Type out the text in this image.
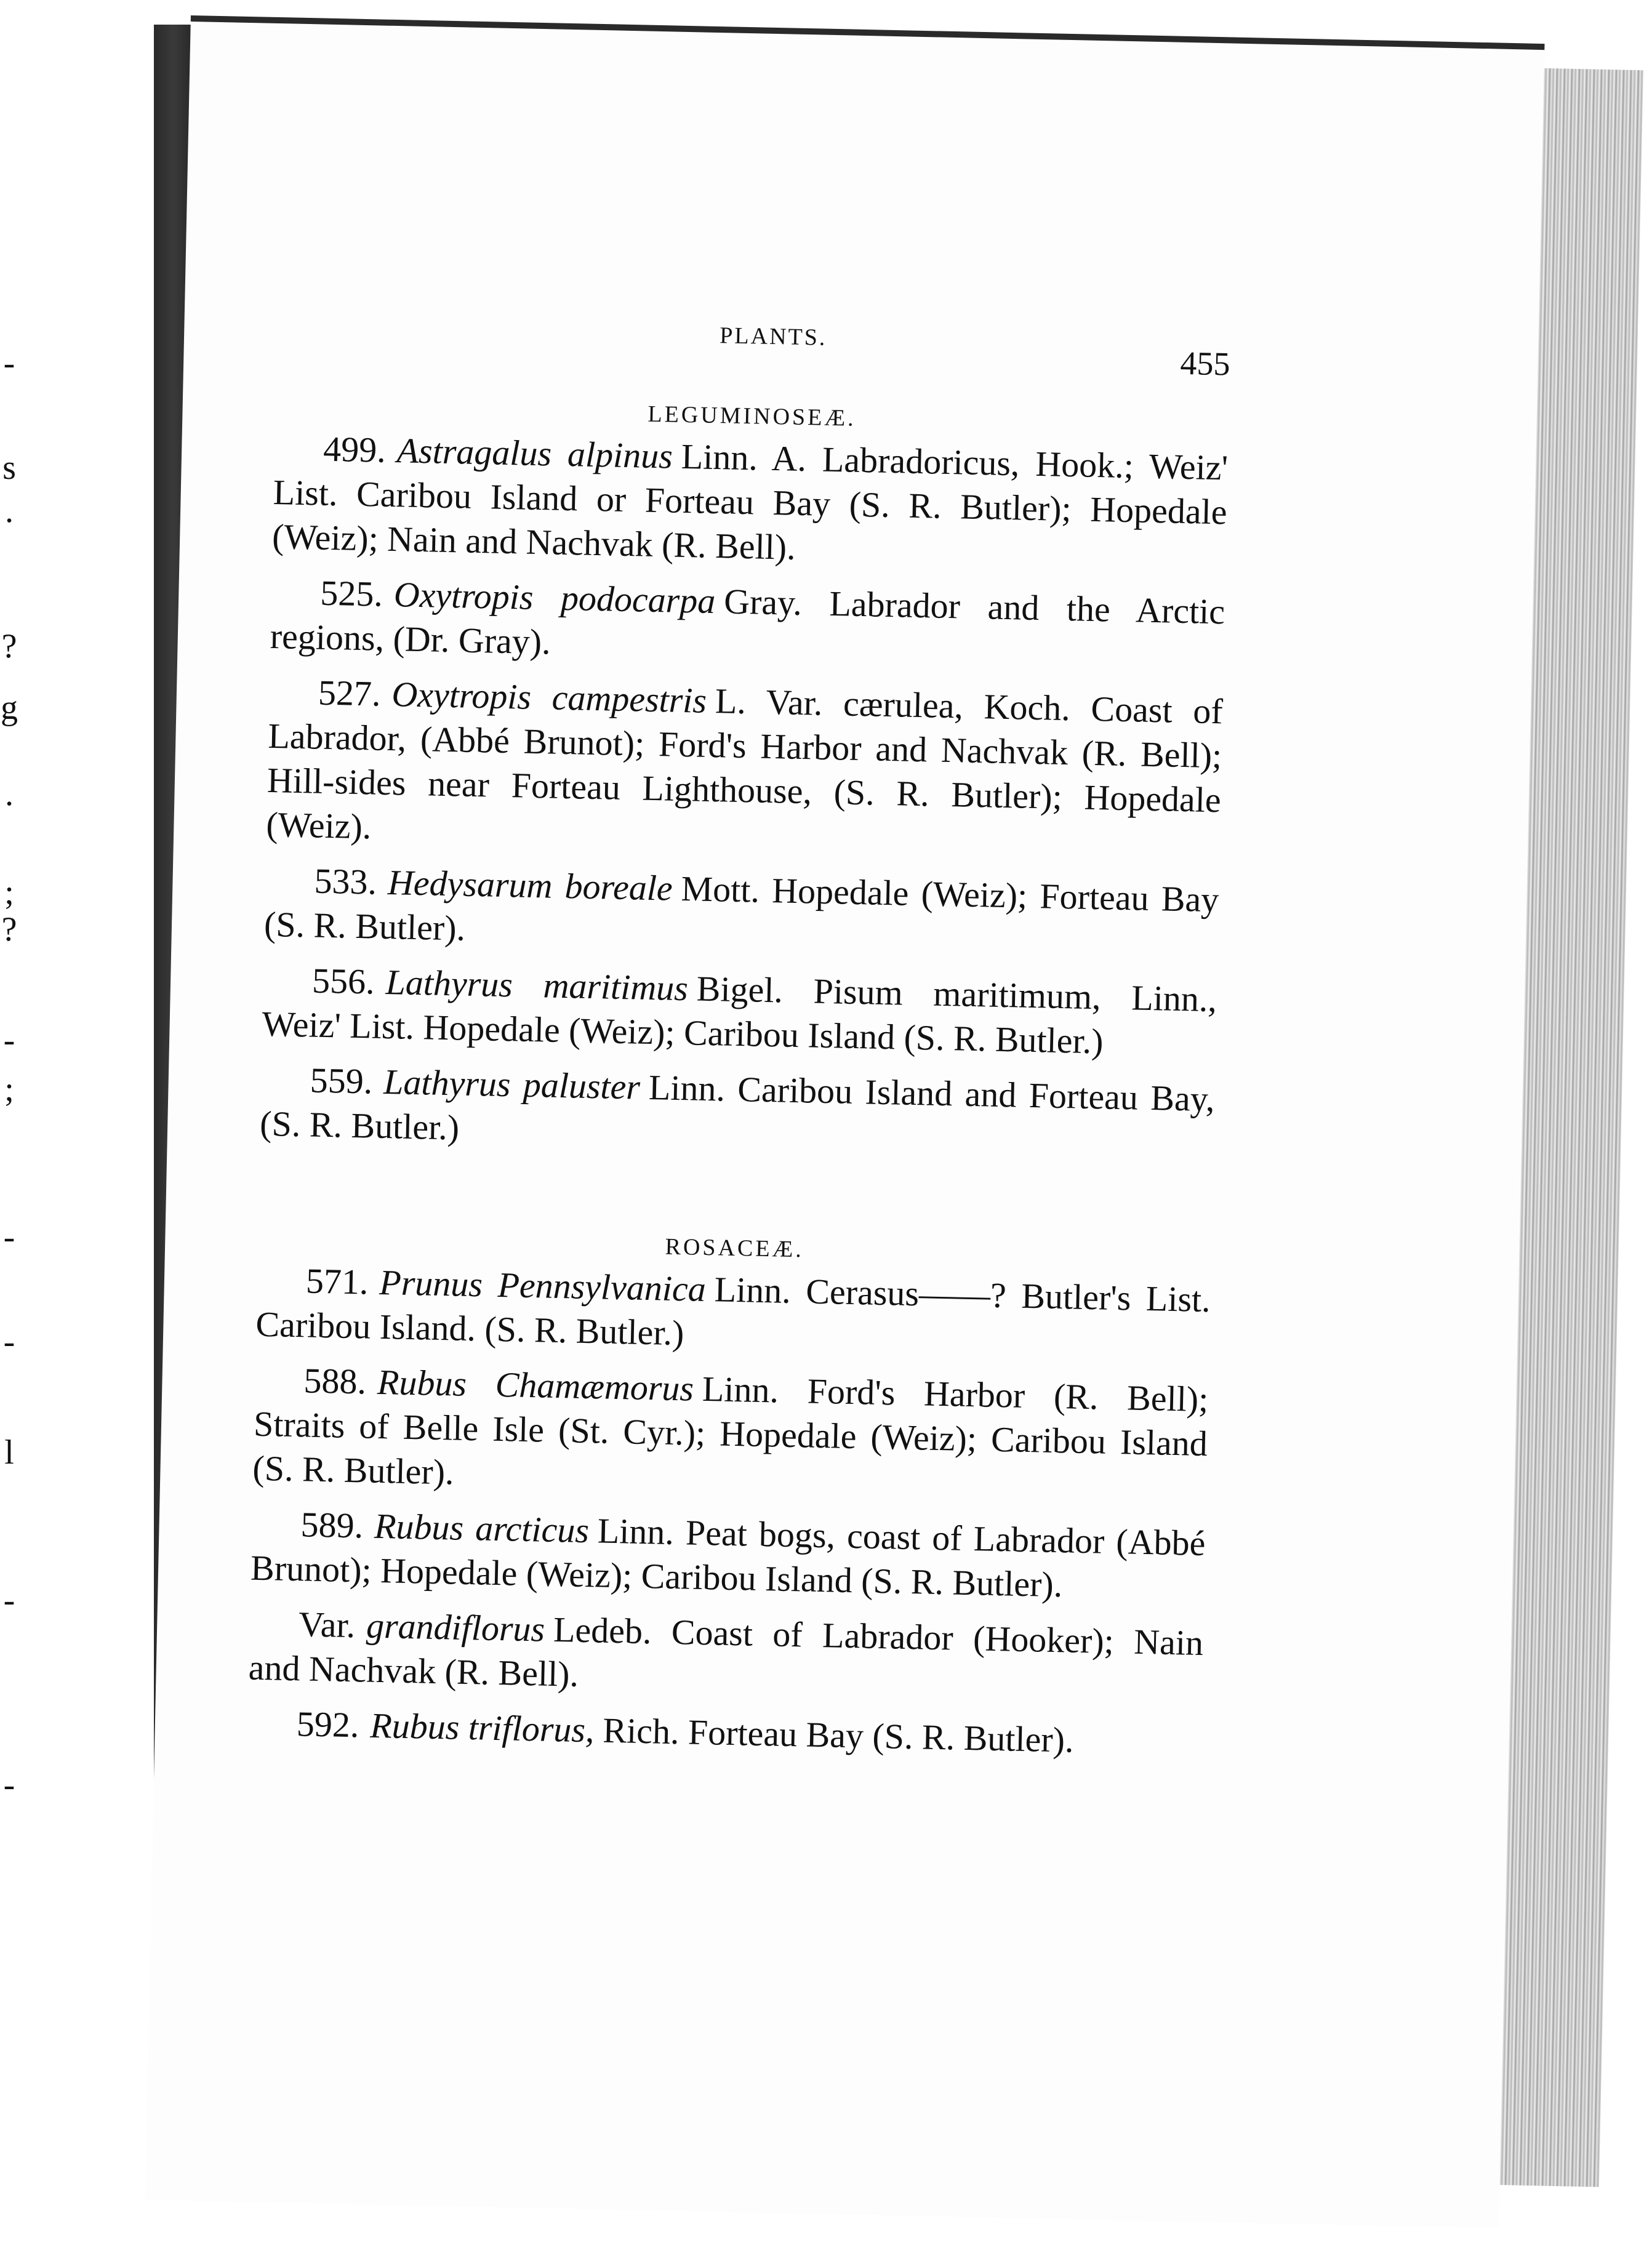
-
s
.
?
g
.
;
?
-
;
-
-
l
-
-
PLANTS.
455
LEGUMINOSEÆ.

499. Astragalus alpinus Linn. A. Labradoricus, Hook.; Weiz' List. Caribou Island or Forteau Bay (S. R. Butler); Hopedale (Weiz); Nain and Nachvak (R. Bell).

525. Oxytropis podocarpa Gray. Labrador and the Arctic regions, (Dr. Gray).

527. Oxytropis campestris L. Var. cærulea, Koch. Coast of Labrador, (Abbé Brunot); Ford's Harbor and Nachvak (R. Bell); Hill-sides near Forteau Lighthouse, (S. R. Butler); Hopedale (Weiz).

533. Hedysarum boreale Mott. Hopedale (Weiz); Forteau Bay (S. R. Butler).

556. Lathyrus maritimus Bigel. Pisum maritimum, Linn., Weiz' List. Hopedale (Weiz); Caribou Island (S. R. Butler.)

559. Lathyrus paluster Linn. Caribou Island and Forteau Bay, (S. R. Butler.)

ROSACEÆ.

571. Prunus Pennsylvanica Linn. Cerasus——? Butler's List. Caribou Island. (S. R. Butler.)

588. Rubus Chamæmorus Linn. Ford's Harbor (R. Bell); Straits of Belle Isle (St. Cyr.); Hopedale (Weiz); Caribou Island (S. R. Butler).

589. Rubus arcticus Linn. Peat bogs, coast of Labrador (Abbé Brunot); Hopedale (Weiz); Caribou Island (S. R. Butler).

Var. grandiflorus Ledeb. Coast of Labrador (Hooker); Nain and Nachvak (R. Bell).

592. Rubus triflorus, Rich. Forteau Bay (S. R. Butler).
